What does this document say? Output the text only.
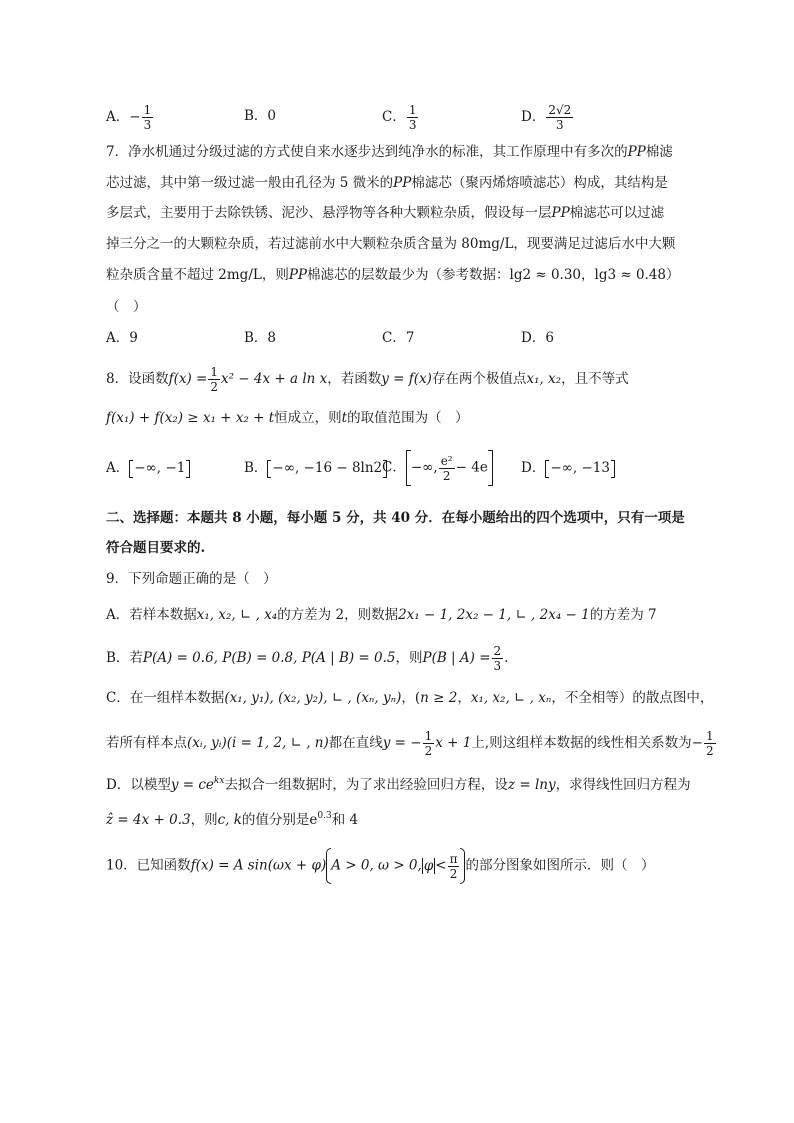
A．− $\frac{1}{3}$	B．0	C． $\frac{1}{3}$	D． $\frac{2√2}{3}$
7．净水机通过分级过滤的方式使自来水逐步达到纯净水的标准，其工作原理中有多次的PP棉滤
芯过滤，其中第一级过滤一般由孔径为 5 微米的PP棉滤芯（聚丙烯熔喷滤芯）构成，其结构是
多层式，主要用于去除铁锈、泥沙、悬浮物等各种大颗粒杂质，假设每一层PP棉滤芯可以过滤
掉三分之一的大颗粒杂质，若过滤前水中大颗粒杂质含量为 80mg/L，现要满足过滤后水中大颗
粒杂质含量不超过 2mg/L，则PP棉滤芯的层数最少为（参考数据：lg2 ≈ 0.30，lg3 ≈ 0.48）
（　）
A．9	B．8	C．7	D．6
8．设函数$f(x) = \frac{1}{2} x^2 - 4x + a$ ln x，若函数y = f(x)存在两个极值点x₁, x₂，且不等式
f(x₁) + f(x₂) ≥ x₁ + x₂ + t恒成立，则t的取值范围为（　）
A． −∞, −1	B． −∞, −16 − 8ln2 C． −∞, $\frac{\text{e²}}{2} - 4e$	D． −∞, −13
二、选择题：本题共 8 小题，每小题 5 分，共 40 分．在每小题给出的四个选项中，只有一项是
符合题目要求的.
9．下列命题正确的是（　）
A．若样本数据x₁, x₂, ∟ , x₄的方差为 2，则数据2x₁ − 1, 2x₂ − 1, ∟ , 2x₄ − 1的方差为 7
B．若P(A) = 0.6, P(B) = 0.8, P(A | B) = 0.5，则P(B | $A) = \frac{2}{3}$ .
C．在一组样本数据(x₁, y₁), (x₂, y₂), ∟ , (xₙ, yₙ)，(n ≥ 2，x₁, x₂, ∟ , xₙ，不全相等）的散点图中，
若所有样本点(xᵢ, yᵢ)(i = 1, 2, ∟ , n)都在直线y = − $\frac{1}{2}$ x + 1上,则这组样本数据的线性相关系数为− $\frac{1}{2}$
D．以模型$y = ce^{kx}$去拟合一组数据时，为了求出经验回归方程，设z = lny，求得线性回归方程为
ẑ = 4x + 0.3，则c, k的值分别是$e^{0.3}$和 4
10．已知函数f(x) = A sin(ωx + φ) A > 0, ω > 0, $\varphi < \frac{\pi}{2}$ 的部分图象如图所示．则（　）
